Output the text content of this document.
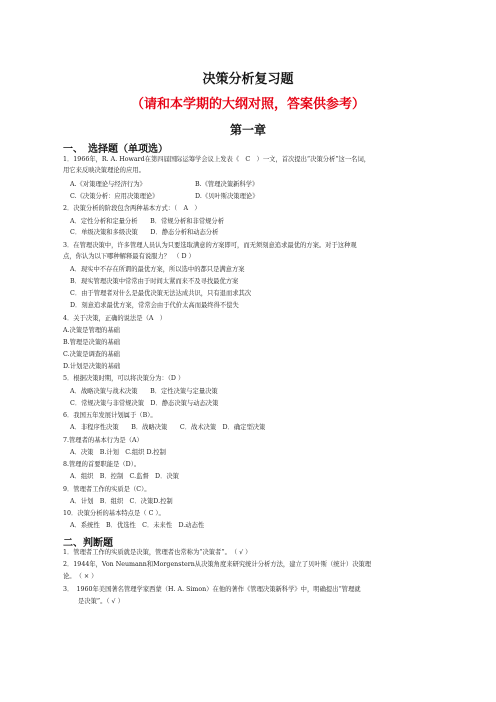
决策分析复习题
（请和本学期的大纲对照，答案供参考）
第一章
一、　选择题（单项选）
1．1966年，R. A. Howard在第四届国际运筹学会议上发表《　C　）一文，首次提出“决策分析”这一名词，
用它来反映决策理论的应用。
A.《对策理论与经济行为》	B.《管理决策新科学》
C.《决策分析：应用决策理论》	D.《贝叶斯决策理论》
2．决策分析的阶段包含两种基本方式：（　A　）
A．定性分析和定量分析　　B．常规分析和非常规分析
C．单级决策和多级决策　　D．静态分析和动态分析
3．在管理决策中，许多管理人员认为只要选取满意的方案即可，而无须刻意追求最优的方案。对于这种观
点，你认为以下哪种解释最有说服力？　（ D ）
A．现实中不存在所谓的最优方案，所以选中的都只是满意方案
B．现实管理决策中常常由于时间太紧而来不及寻找最优方案
C．由于管理者对什么是最优决策无法达成共识，只有退而求其次
D．刻意追求最优方案，常常会由于代价太高而最终得不偿失
4．关于决策，正确的说法是（A　）
A.决策是管理的基础
B.管理是决策的基础
C.决策是调查的基础
D.计划是决策的基础
5．根据决策时期，可以将决策分为：（D ）
A．战略决策与战术决策　　B．定性决策与定量决策
C．常规决策与非常规决策　D．静态决策与动态决策
6．我国五年发展计划属于（B）。
A．非程序性决策　　B．战略决策　　C．战术决策　D．确定型决策
7.管理者的基本行为是（A）
A．决策　B.计划　C.组织 D.控制
8.管理的首要职能是（D）。
A．组织　B．控制　C.监督　D．决策
9．管理者工作的实质是（C）。
A．计划　B．组织　C．决策D.控制
10．决策分析的基本特点是（ C ）。
A．系统性　B．优选性　C．未来性　D.动态性
二、判断题
1．管理者工作的实质就是决策，管理者也常称为“决策者”。　（ √ ）
2．1944年，Von Neumann和Morgenstern从决策角度来研究统计分析方法，建立了贝叶斯（统计）决策理
论。　（ × ）
3．　1960年美国著名管理学家西蒙（H. A. Simon）在他的著作《管理决策新科学》中，明确提出“管理就
是决策”。（ √ ）
